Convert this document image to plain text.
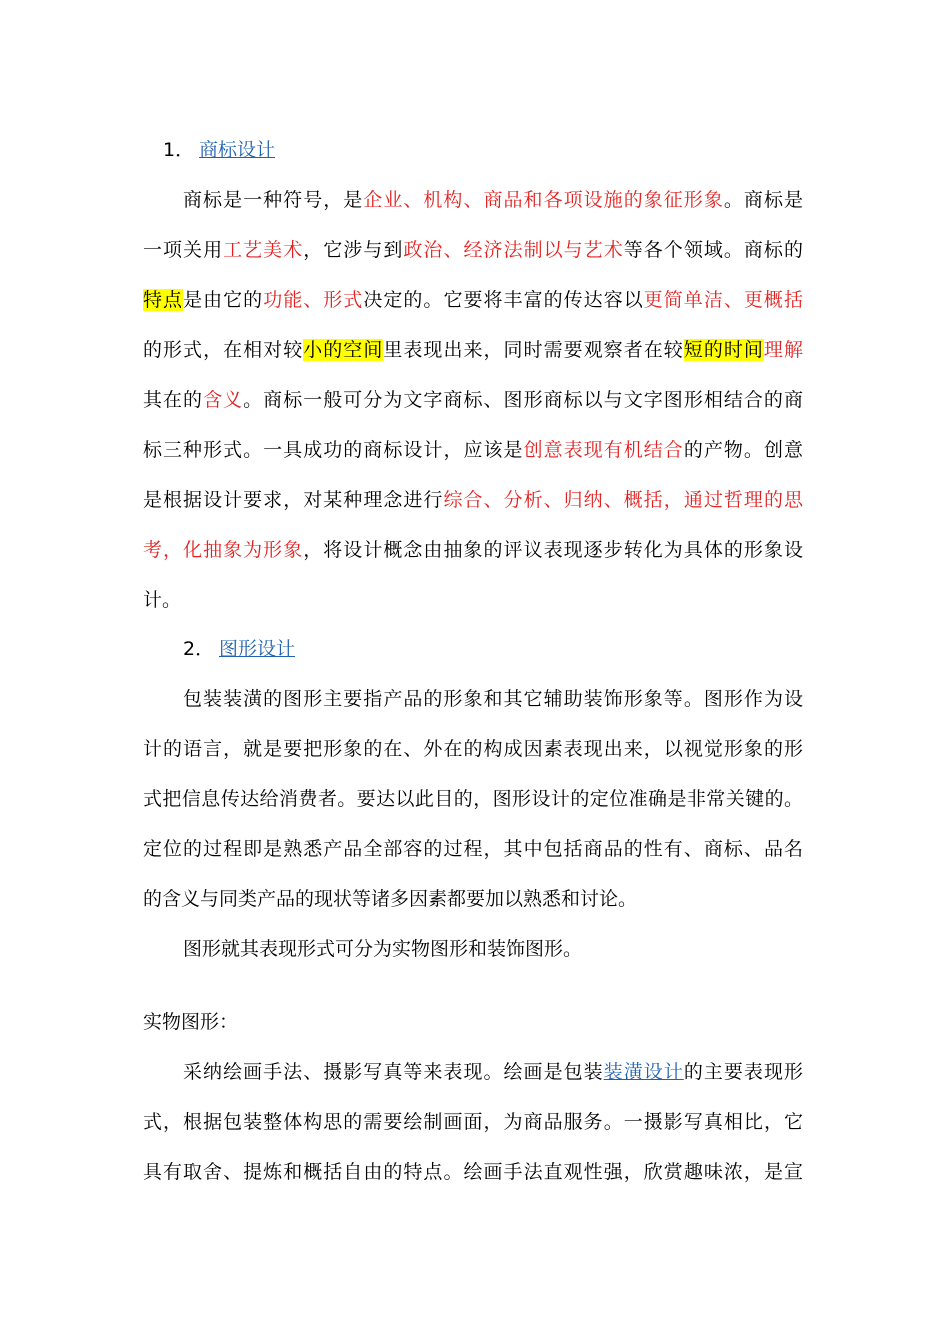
1． 商标设计
商标是一种符号，是企业、机构、商品和各项设施的象征形象。商标是
一项关用工艺美术，它涉与到政治、经济法制以与艺术等各个领域。商标的
特点是由它的功能、形式决定的。它要将丰富的传达容以更简单洁、更概括
的形式，在相对较小的空间里表现出来，同时需要观察者在较短的时间理解
其在的含义。商标一般可分为文字商标、图形商标以与文字图形相结合的商
标三种形式。一具成功的商标设计，应该是创意表现有机结合的产物。创意
是根据设计要求，对某种理念进行综合、分析、归纳、概括，通过哲理的思
考，化抽象为形象，将设计概念由抽象的评议表现逐步转化为具体的形象设
计。
2． 图形设计
包装装潢的图形主要指产品的形象和其它辅助装饰形象等。图形作为设
计的语言，就是要把形象的在、外在的构成因素表现出来，以视觉形象的形
式把信息传达给消费者。要达以此目的，图形设计的定位准确是非常关键的。
定位的过程即是熟悉产品全部容的过程，其中包括商品的性有、商标、品名
的含义与同类产品的现状等诸多因素都要加以熟悉和讨论。
图形就其表现形式可分为实物图形和装饰图形。
实物图形：
采纳绘画手法、摄影写真等来表现。绘画是包装装潢设计的主要表现形
式，根据包装整体构思的需要绘制画面，为商品服务。一摄影写真相比，它
具有取舍、提炼和概括自由的特点。绘画手法直观性强，欣赏趣味浓，是宣
